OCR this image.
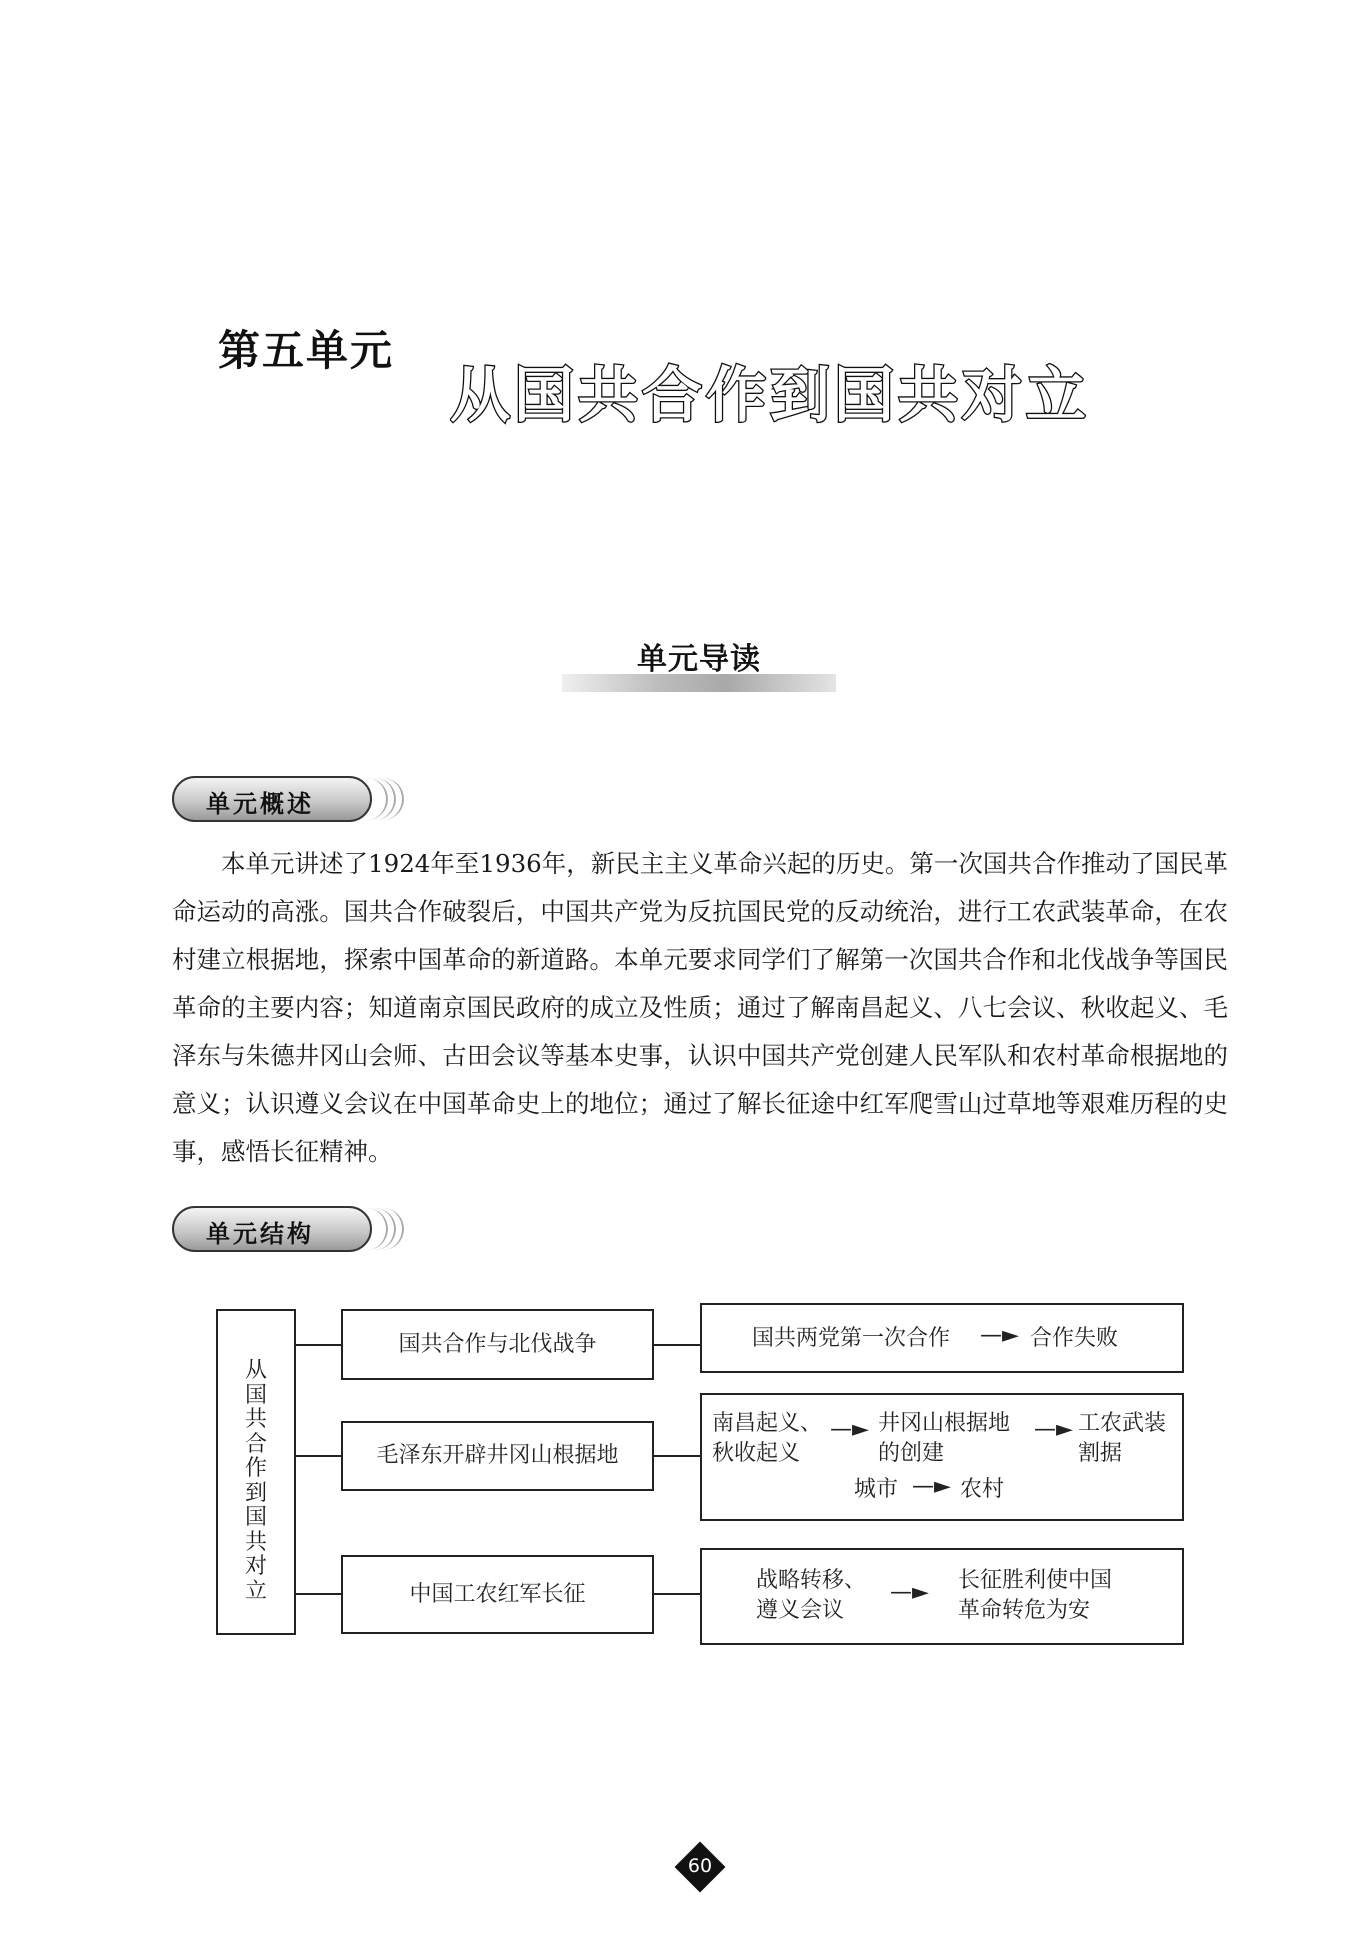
第五单元
从国共合作到国共对立
单元导读
单元概述

本单元讲述了1924年至1936年，新民主主义革命兴起的历史。第一次国共合作推动了国民革命运动的高涨。国共合作破裂后，中国共产党为反抗国民党的反动统治，进行工农武装革命，在农村建立根据地，探索中国革命的新道路。本单元要求同学们了解第一次国共合作和北伐战争等国民革命的主要内容；知道南京国民政府的成立及性质；通过了解南昌起义、八七会议、秋收起义、毛泽东与朱德井冈山会师、古田会议等基本史事，认识中国共产党创建人民军队和农村革命根据地的意义；认识遵义会议在中国革命史上的地位；通过了解长征途中红军爬雪山过草地等艰难历程的史事，感悟长征精神。

单元结构
从
国
共
合
作
到
国
共
对
立
国共合作与北伐战争
毛泽东开辟井冈山根据地
中国工农红军长征
国共两党第一次合作 —► 合作失败
南昌起义、
秋收起义
—► 井冈山根据地
的创建
—► 工农武装
割据
城市 —► 农村
战略转移、
遵义会议
—► 长征胜利使中国
革命转危为安
60
